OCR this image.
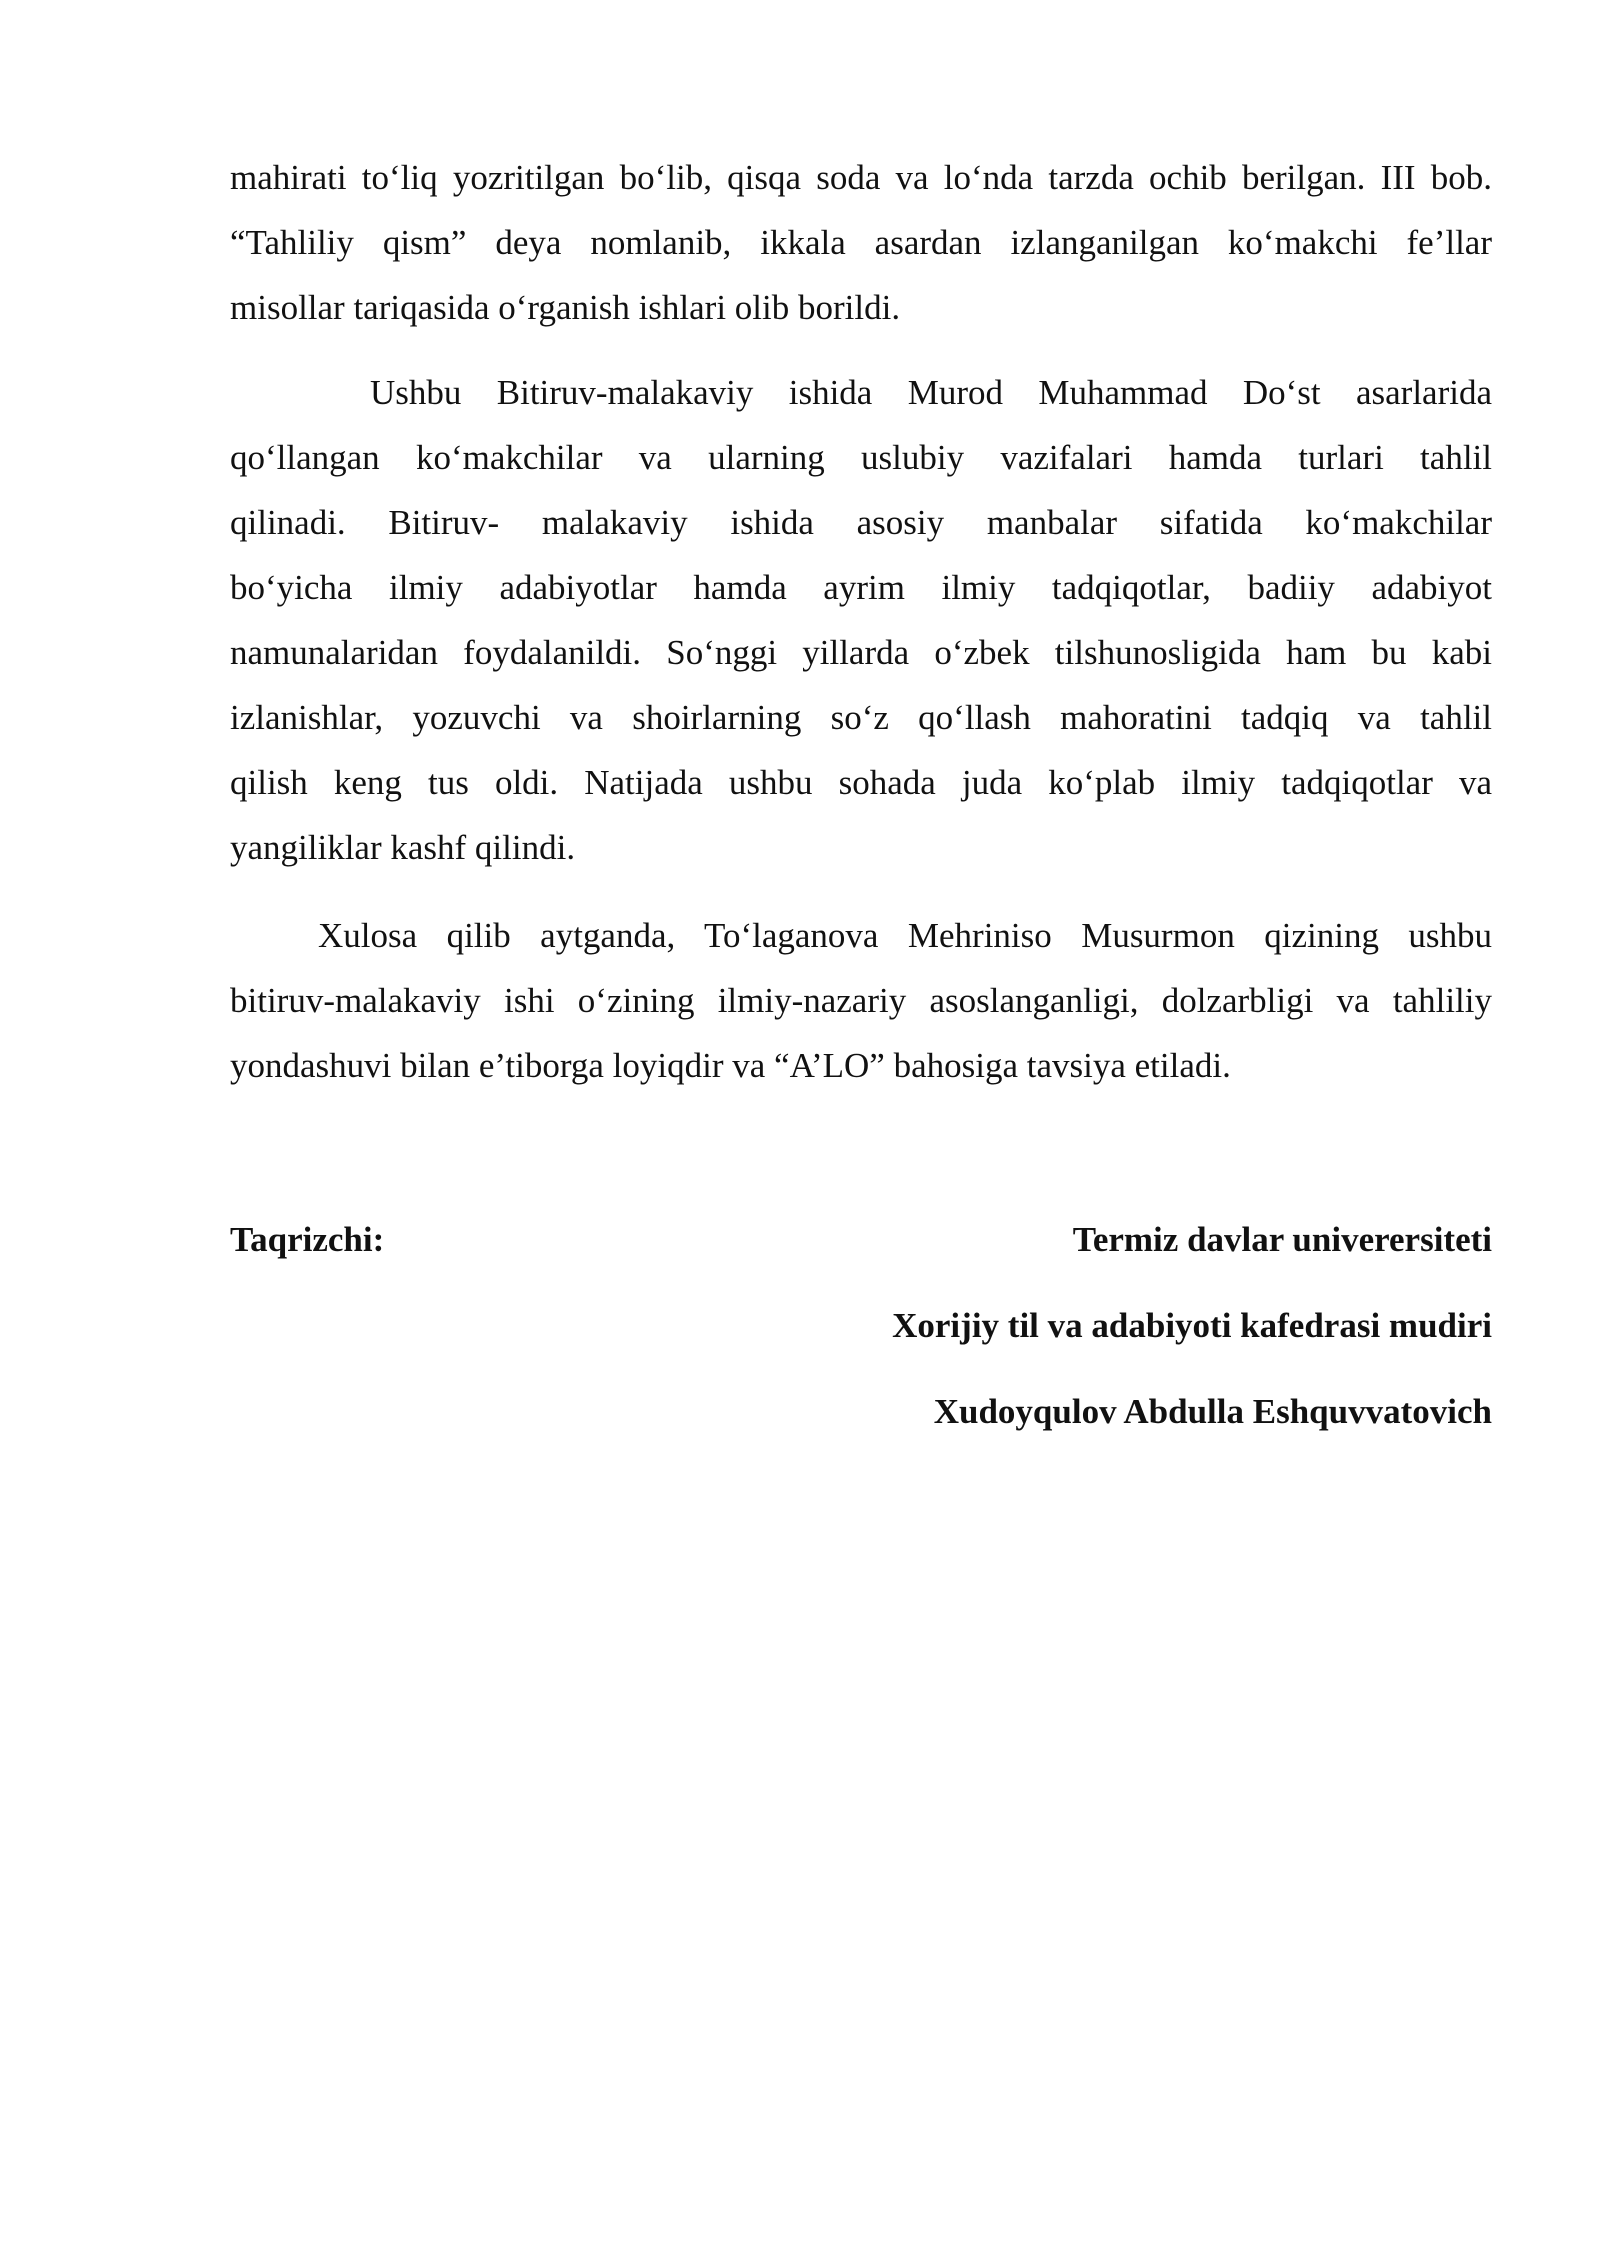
mahirati to‘liq yozritilgan bo‘lib, qisqa soda va lo‘nda tarzda ochib berilgan. III bob.
“Tahliliy qism” deya nomlanib, ikkala asardan izlanganilgan ko‘makchi fe’llar
misollar tariqasida o‘rganish ishlari olib borildi.
Ushbu Bitiruv-malakaviy ishida Murod Muhammad Do‘st asarlarida
qo‘llangan ko‘makchilar va ularning uslubiy vazifalari hamda turlari tahlil
qilinadi. Bitiruv- malakaviy ishida asosiy manbalar sifatida ko‘makchilar
bo‘yicha ilmiy adabiyotlar hamda ayrim ilmiy tadqiqotlar, badiiy adabiyot
namunalaridan foydalanildi. So‘nggi yillarda o‘zbek tilshunosligida ham bu kabi
izlanishlar, yozuvchi va shoirlarning so‘z qo‘llash mahoratini tadqiq va tahlil
qilish keng tus oldi. Natijada ushbu sohada juda ko‘plab ilmiy tadqiqotlar va
yangiliklar kashf qilindi.
Xulosa qilib aytganda, To‘laganova Mehriniso Musurmon qizining ushbu
bitiruv-malakaviy ishi o‘zining ilmiy-nazariy asoslanganligi, dolzarbligi va tahliliy
yondashuvi bilan e’tiborga loyiqdir va “A’LO” bahosiga tavsiya etiladi.
Taqrizchi:	Termiz davlar univerersiteti
Xorijiy til va adabiyoti kafedrasi mudiri
Xudoyqulov Abdulla Eshquvvatovich
